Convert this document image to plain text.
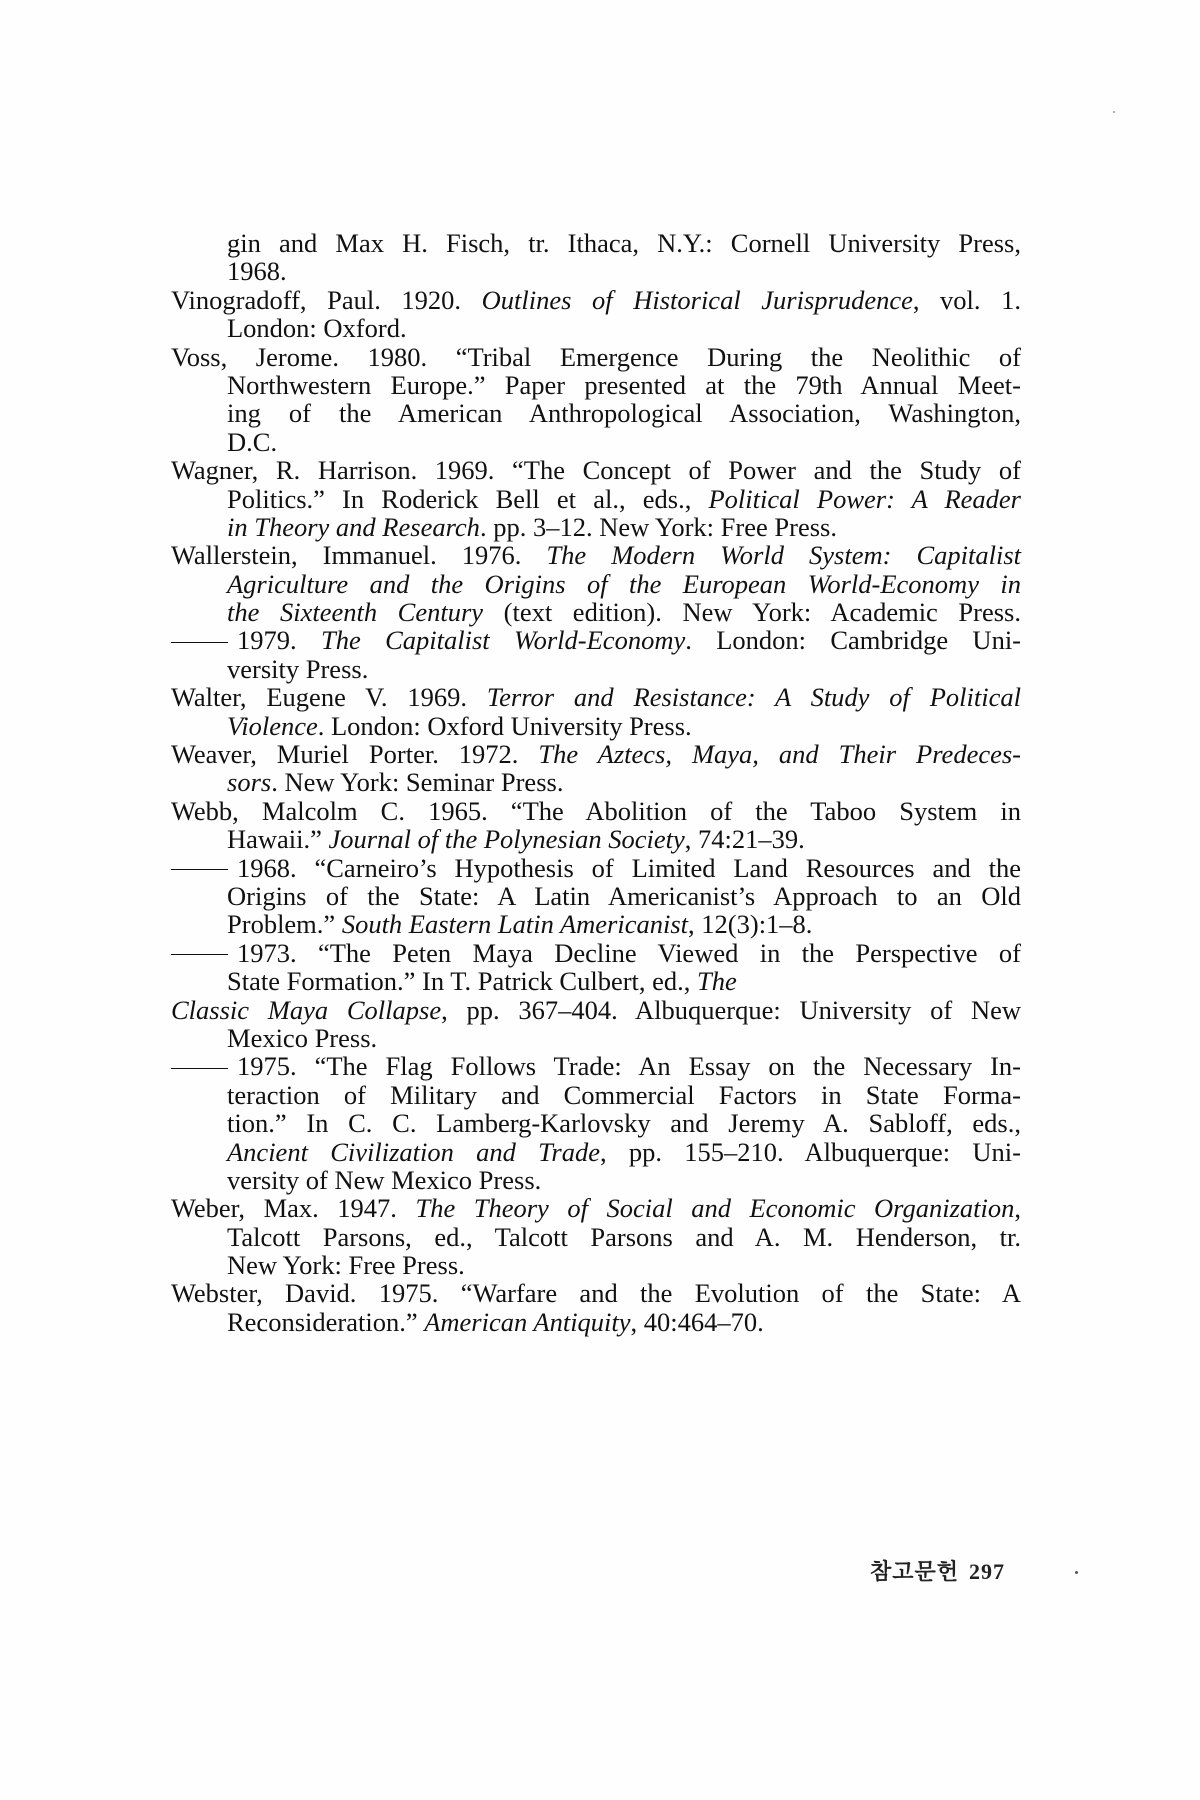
gin and Max H. Fisch, tr. Ithaca, N.Y.: Cornell University Press,
1968.
Vinogradoff, Paul. 1920. Outlines of Historical Jurisprudence, vol. 1.
London: Oxford.
Voss, Jerome. 1980. “Tribal Emergence During the Neolithic of
Northwestern Europe.” Paper presented at the 79th Annual Meet-
ing of the American Anthropological Association, Washington,
D.C.
Wagner, R. Harrison. 1969. “The Concept of Power and the Study of
Politics.” In Roderick Bell et al., eds., Political Power: A Reader
in Theory and Research. pp. 3–12. New York: Free Press.
Wallerstein, Immanuel. 1976. The Modern World System: Capitalist
Agriculture and the Origins of the European World-Economy in
the Sixteenth Century (text edition). New York: Academic Press.
1979. The Capitalist World-Economy. London: Cambridge Uni-
versity Press.
Walter, Eugene V. 1969. Terror and Resistance: A Study of Political
Violence. London: Oxford University Press.
Weaver, Muriel Porter. 1972. The Aztecs, Maya, and Their Predeces-
sors. New York: Seminar Press.
Webb, Malcolm C. 1965. “The Abolition of the Taboo System in
Hawaii.” Journal of the Polynesian Society, 74:21–39.
1968. “Carneiro’s Hypothesis of Limited Land Resources and the
Origins of the State: A Latin Americanist’s Approach to an Old
Problem.” South Eastern Latin Americanist, 12(3):1–8.
1973. “The Peten Maya Decline Viewed in the Perspective of
State Formation.” In T. Patrick Culbert, ed., The
Classic Maya Collapse, pp. 367–404. Albuquerque: University of New
Mexico Press.
1975. “The Flag Follows Trade: An Essay on the Necessary In-
teraction of Military and Commercial Factors in State Forma-
tion.” In C. C. Lamberg-Karlovsky and Jeremy A. Sabloff, eds.,
Ancient Civilization and Trade, pp. 155–210. Albuquerque: Uni-
versity of New Mexico Press.
Weber, Max. 1947. The Theory of Social and Economic Organization,
Talcott Parsons, ed., Talcott Parsons and A. M. Henderson, tr.
New York: Free Press.
Webster, David. 1975. “Warfare and the Evolution of the State: A
Reconsideration.” American Antiquity, 40:464–70.
참고문헌 297
